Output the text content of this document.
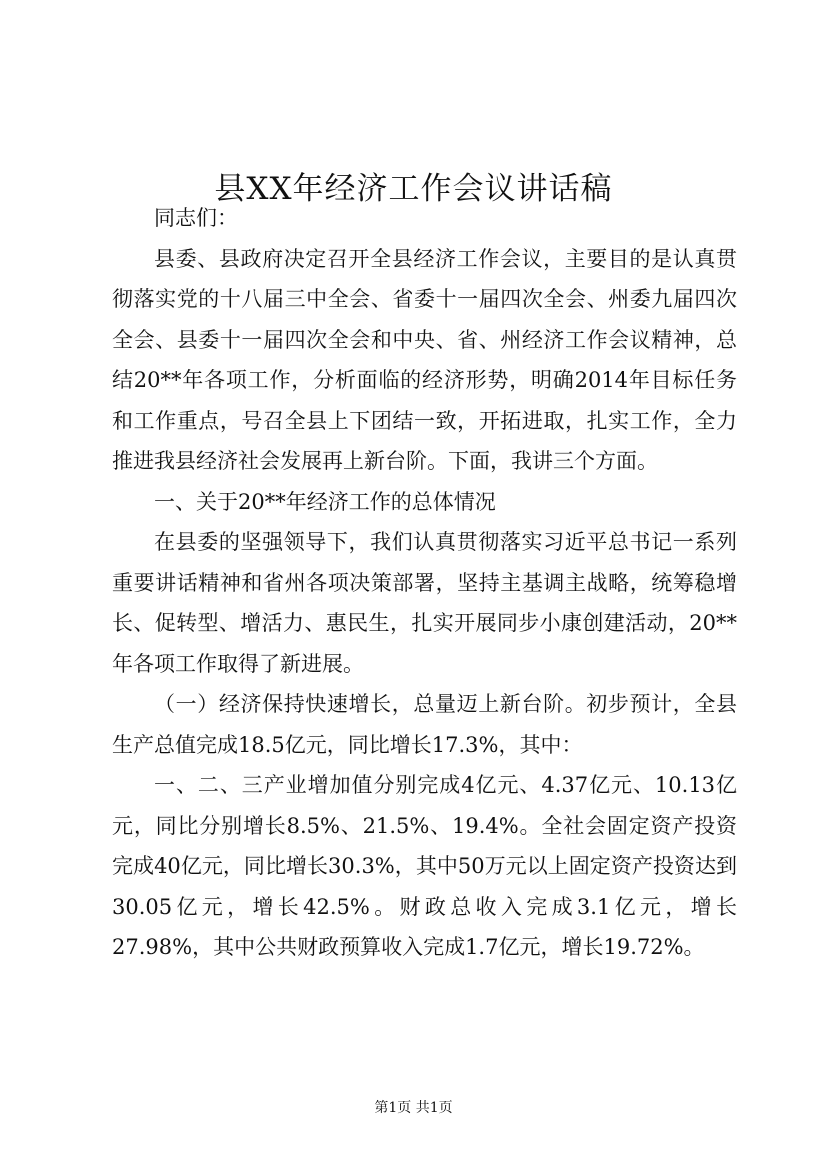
县XX年经济工作会议讲话稿

同志们：

县委、县政府决定召开全县经济工作会议，主要目的是认真贯彻落实党的十八届三中全会、省委十一届四次全会、州委九届四次全会、县委十一届四次全会和中央、省、州经济工作会议精神，总结20**年各项工作，分析面临的经济形势，明确2014年目标任务和工作重点，号召全县上下团结一致，开拓进取，扎实工作，全力推进我县经济社会发展再上新台阶。下面，我讲三个方面。

一、关于20**年经济工作的总体情况

在县委的坚强领导下，我们认真贯彻落实习近平总书记一系列重要讲话精神和省州各项决策部署，坚持主基调主战略，统筹稳增长、促转型、增活力、惠民生，扎实开展同步小康创建活动，20**年各项工作取得了新进展。

（一）经济保持快速增长，总量迈上新台阶。初步预计，全县生产总值完成18.5亿元，同比增长17.3%，其中：

一、二、三产业增加值分别完成4亿元、4.37亿元、10.13亿元，同比分别增长8.5%、21.5%、19.4%。全社会固定资产投资完成40亿元，同比增长30.3%，其中50万元以上固定资产投资达到30.05亿元，增长42.5%。财政总收入完成3.1亿元，增长27.98%，其中公共财政预算收入完成1.7亿元，增长19.72%。

第1页 共1页
